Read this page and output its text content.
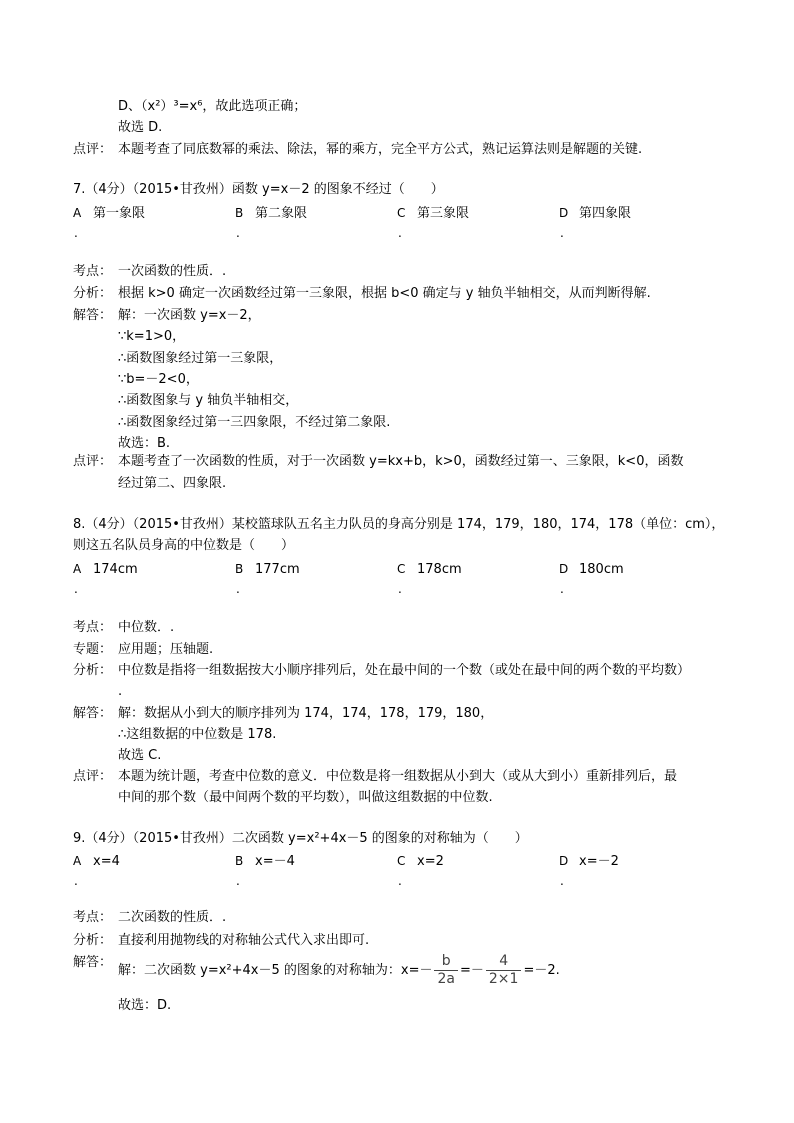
D、（x²）³=x⁶，故此选项正确；
故选 D.
点评： 本题考查了同底数幂的乘法、除法，幂的乘方，完全平方公式，熟记运算法则是解题的关键.
7.（4分）（2015•甘孜州）函数 y=x－2 的图象不经过（　　）
A 第一象限	B 第二象限	C 第三象限	D 第四象限
.	.	.	.
考点： 一次函数的性质．.
分析： 根据 k>0 确定一次函数经过第一三象限，根据 b<0 确定与 y 轴负半轴相交，从而判断得解.
解答： 解：一次函数 y=x－2，
∵k=1>0，
∴函数图象经过第一三象限，
∵b=－2<0，
∴函数图象与 y 轴负半轴相交，
∴函数图象经过第一三四象限，不经过第二象限.
故选：B.
点评： 本题考查了一次函数的性质，对于一次函数 y=kx+b，k>0，函数经过第一、三象限，k<0，函数
经过第二、四象限.
8.（4分）（2015•甘孜州）某校篮球队五名主力队员的身高分别是 174，179，180，174，178（单位：cm），
则这五名队员身高的中位数是（　　）
A 174cm	B 177cm	C 178cm	D 180cm
.	.	.	.
考点： 中位数．.
专题： 应用题；压轴题.
分析： 中位数是指将一组数据按大小顺序排列后，处在最中间的一个数（或处在最中间的两个数的平均数）
.
解答： 解：数据从小到大的顺序排列为 174，174，178，179，180，
∴这组数据的中位数是 178.
故选 C.
点评： 本题为统计题，考查中位数的意义．中位数是将一组数据从小到大（或从大到小）重新排列后，最
中间的那个数（最中间两个数的平均数），叫做这组数据的中位数.
9.（4分）（2015•甘孜州）二次函数 y=x²+4x－5 的图象的对称轴为（　　）
A x=4	B x=－4	C x=2	D x=－2
.	.	.	.
考点： 二次函数的性质．.
分析： 直接利用抛物线的对称轴公式代入求出即可.
解答：
解：二次函数 y=x²+4x－5 的图象的对称轴为：$x=- \frac{b}{2a} =- \frac{4}{2\times 1} =-2$.
故选：D.
